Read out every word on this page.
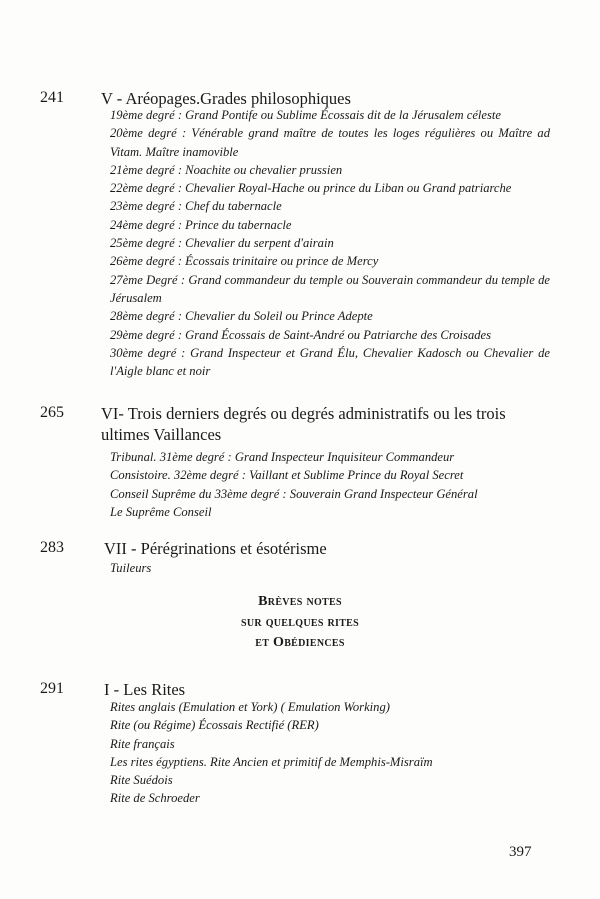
241 V - Aréopages.Grades philosophiques
19ème degré : Grand Pontife ou Sublime Écossais dit de la Jérusalem céleste
20ème degré : Vénérable grand maître de toutes les loges régulières ou Maître ad Vitam. Maître inamovible
21ème degré : Noachite ou chevalier prussien
22ème degré : Chevalier Royal-Hache ou prince du Liban ou Grand patriarche
23ème degré : Chef du tabernacle
24ème degré : Prince du tabernacle
25ème degré : Chevalier du serpent d'airain
26ème degré : Écossais trinitaire ou prince de Mercy
27ème Degré : Grand commandeur du temple ou Souverain commandeur du temple de Jérusalem
28ème degré : Chevalier du Soleil ou Prince Adepte
29ème degré : Grand Écossais de Saint-André ou Patriarche des Croisades
30ème degré : Grand Inspecteur et Grand Élu, Chevalier Kadosch ou Chevalier de l'Aigle blanc et noir
265 VI- Trois derniers degrés ou degrés administratifs ou les trois ultimes Vaillances
Tribunal. 31ème degré : Grand Inspecteur Inquisiteur Commandeur
Consistoire. 32ème degré : Vaillant et Sublime Prince du Royal Secret
Conseil Suprême du 33ème degré : Souverain Grand Inspecteur Général
Le Suprême Conseil
283 VII - Pérégrinations et ésotérisme
Tuileurs
Brèves notes
sur quelques rites
et Obédiences
291 I - Les Rites
Rites anglais (Emulation et York) ( Emulation Working)
Rite (ou Régime) Écossais Rectifié (RER)
Rite français
Les rites égyptiens. Rite Ancien et primitif de Memphis-Misraïm
Rite Suédois
Rite de Schroeder
397
